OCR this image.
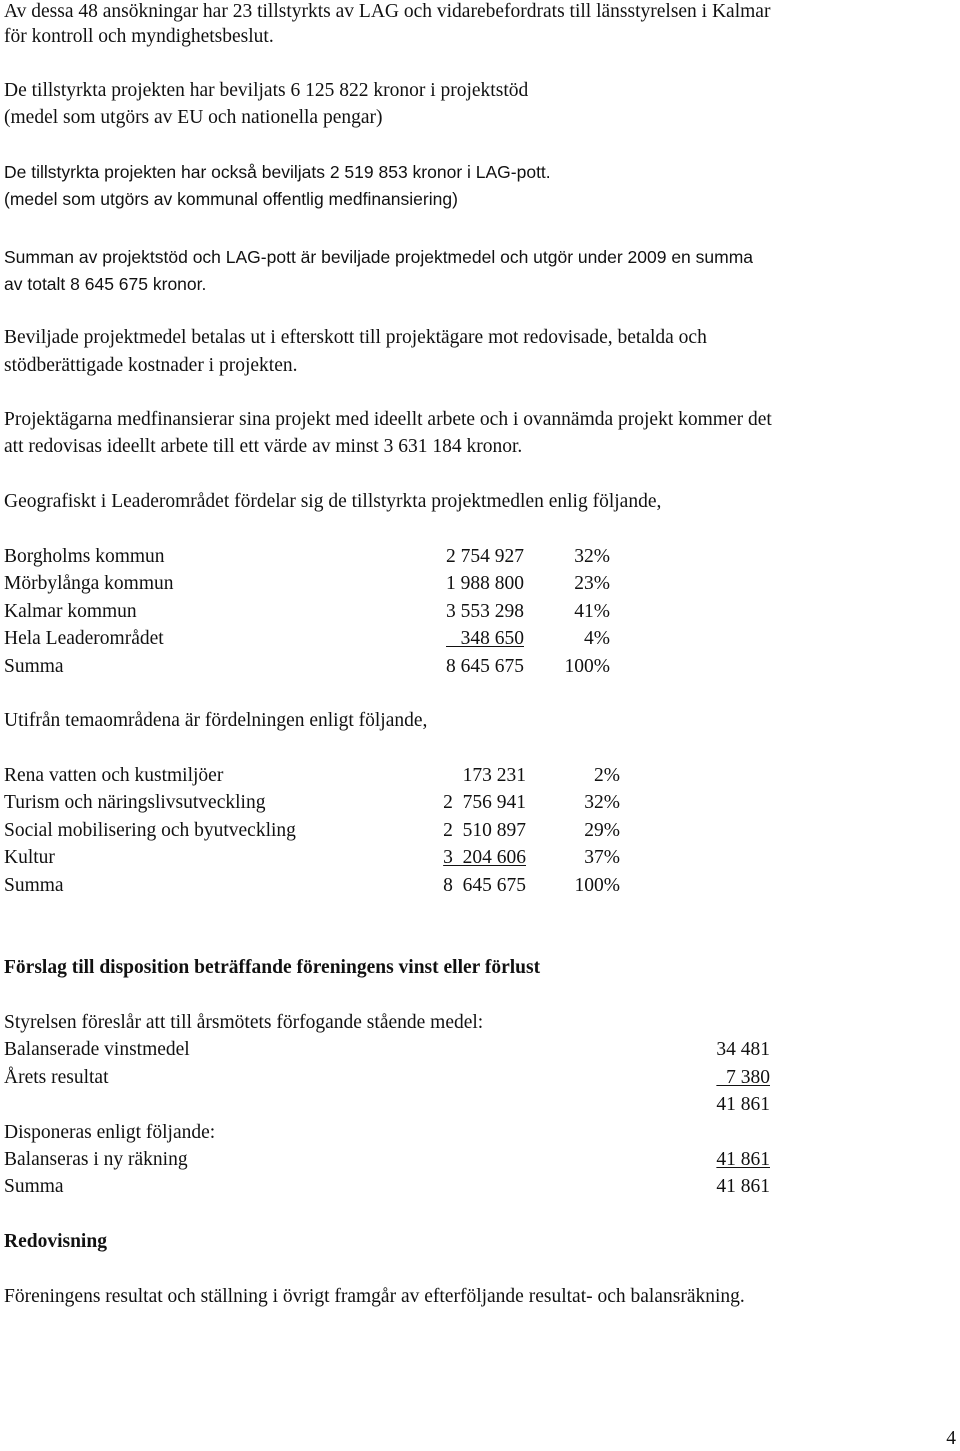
Av dessa 48 ansökningar har 23 tillstyrkts av LAG och vidarebefordrats till länsstyrelsen i Kalmar
för kontroll och myndighetsbeslut.
De tillstyrkta projekten har beviljats 6 125 822 kronor i projektstöd
(medel som utgörs av EU och nationella pengar)
De tillstyrkta projekten har också beviljats 2 519 853 kronor i LAG-pott.
(medel som utgörs av kommunal offentlig medfinansiering)
Summan av projektstöd och LAG-pott är beviljade projektmedel och utgör under 2009 en summa
av totalt 8 645 675 kronor.
Beviljade projektmedel betalas ut i efterskott till projektägare mot redovisade, betalda och
stödberättigade kostnader i projekten.
Projektägarna medfinansierar sina projekt med ideellt arbete och i ovannämda projekt kommer det
att redovisas ideellt arbete till ett värde av minst 3 631 184 kronor.
Geografiskt i Leaderområdet fördelar sig de tillstyrkta projektmedlen enlig följande,
Borgholms kommun	2 754 927	32%
Mörbylånga kommun	1 988 800	23%
Kalmar kommun	3 553 298	41%
Hela Leaderområdet	348 650	4%
Summa	8 645 675	100%
Utifrån temaområdena är fördelningen enligt följande,
Rena vatten och kustmiljöer	173 231	2%
Turism och näringslivsutveckling	2  756 941	32%
Social mobilisering och byutveckling	2  510 897	29%
Kultur	3  204 606	37%
Summa	8  645 675	100%
Förslag till disposition beträffande föreningens vinst eller förlust
Styrelsen föreslår att till årsmötets förfogande stående medel:
Balanserade vinstmedel	34 481
Årets resultat	7 380
41 861
Disponeras enligt följande:
Balanseras i ny räkning	41 861
Summa	41 861
Redovisning
Föreningens resultat och ställning i övrigt framgår av efterföljande resultat- och balansräkning.
4
